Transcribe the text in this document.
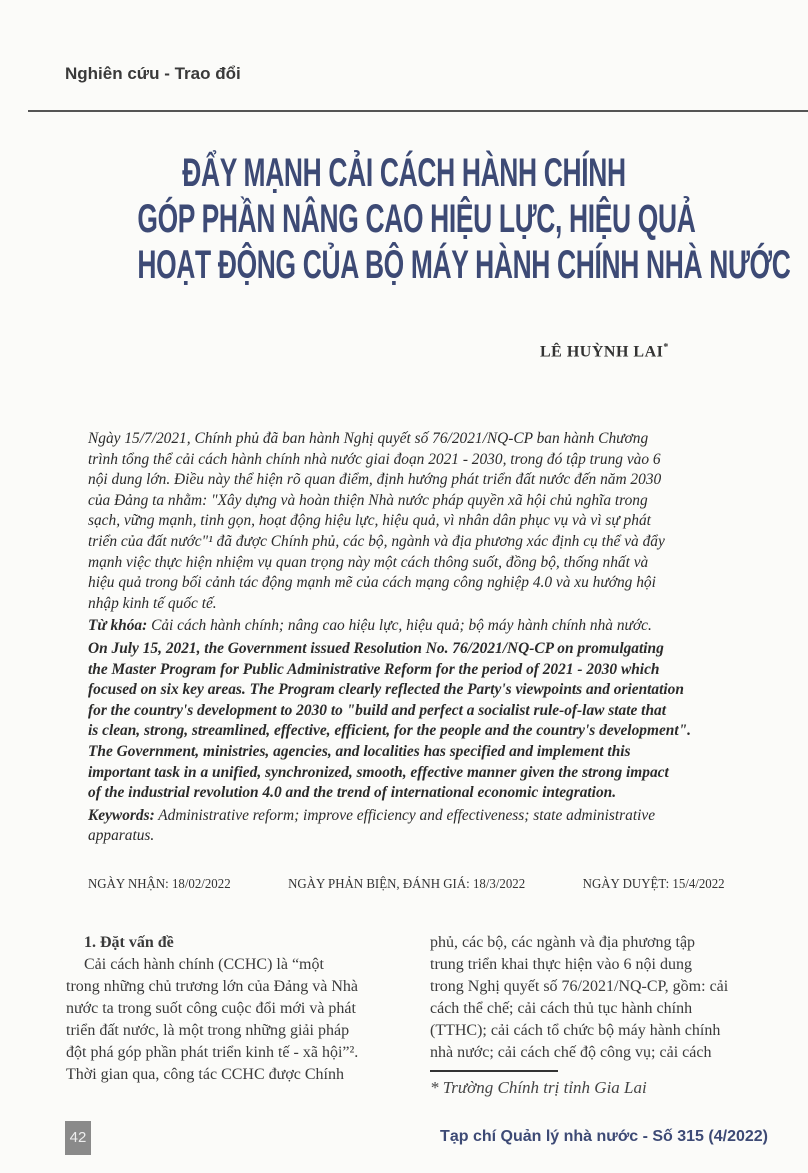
Nghiên cứu - Trao đổi
ĐẨY MẠNH CẢI CÁCH HÀNH CHÍNH
GÓP PHẦN NÂNG CAO HIỆU LỰC, HIỆU QUẢ
HOẠT ĐỘNG CỦA BỘ MÁY HÀNH CHÍNH NHÀ NƯỚC
LÊ HUỲNH LAI*
Ngày 15/7/2021, Chính phủ đã ban hành Nghị quyết số 76/2021/NQ-CP ban hành Chương
trình tổng thể cải cách hành chính nhà nước giai đoạn 2021 - 2030, trong đó tập trung vào 6
nội dung lớn. Điều này thể hiện rõ quan điểm, định hướng phát triển đất nước đến năm 2030
của Đảng ta nhằm: "Xây dựng và hoàn thiện Nhà nước pháp quyền xã hội chủ nghĩa trong
sạch, vững mạnh, tinh gọn, hoạt động hiệu lực, hiệu quả, vì nhân dân phục vụ và vì sự phát
triển của đất nước"¹ đã được Chính phủ, các bộ, ngành và địa phương xác định cụ thể và đẩy
mạnh việc thực hiện nhiệm vụ quan trọng này một cách thông suốt, đồng bộ, thống nhất và
hiệu quả trong bối cảnh tác động mạnh mẽ của cách mạng công nghiệp 4.0 và xu hướng hội
nhập kinh tế quốc tế.
Từ khóa: Cải cách hành chính; nâng cao hiệu lực, hiệu quả; bộ máy hành chính nhà nước.
On July 15, 2021, the Government issued Resolution No. 76/2021/NQ-CP on promulgating
the Master Program for Public Administrative Reform for the period of 2021 - 2030 which
focused on six key areas. The Program clearly reflected the Party's viewpoints and orientation
for the country's development to 2030 to "build and perfect a socialist rule-of-law state that
is clean, strong, streamlined, effective, efficient, for the people and the country's development".
The Government, ministries, agencies, and localities has specified and implement this
important task in a unified, synchronized, smooth, effective manner given the strong impact
of the industrial revolution 4.0 and the trend of international economic integration.
Keywords: Administrative reform; improve efficiency and effectiveness; state administrative
apparatus.
NGÀY NHẬN: 18/02/2022	NGÀY PHẢN BIỆN, ĐÁNH GIÁ: 18/3/2022	NGÀY DUYỆT: 15/4/2022
1. Đặt vấn đề
Cải cách hành chính (CCHC) là “một
trong những chủ trương lớn của Đảng và Nhà
nước ta trong suốt công cuộc đổi mới và phát
triển đất nước, là một trong những giải pháp
đột phá góp phần phát triển kinh tế - xã hội”².
Thời gian qua, công tác CCHC được Chính
phủ, các bộ, các ngành và địa phương tập
trung triển khai thực hiện vào 6 nội dung
trong Nghị quyết số 76/2021/NQ-CP, gồm: cải
cách thể chế; cải cách thủ tục hành chính
(TTHC); cải cách tổ chức bộ máy hành chính
nhà nước; cải cách chế độ công vụ; cải cách
* Trường Chính trị tỉnh Gia Lai
42	Tạp chí Quản lý nhà nước - Số 315 (4/2022)
